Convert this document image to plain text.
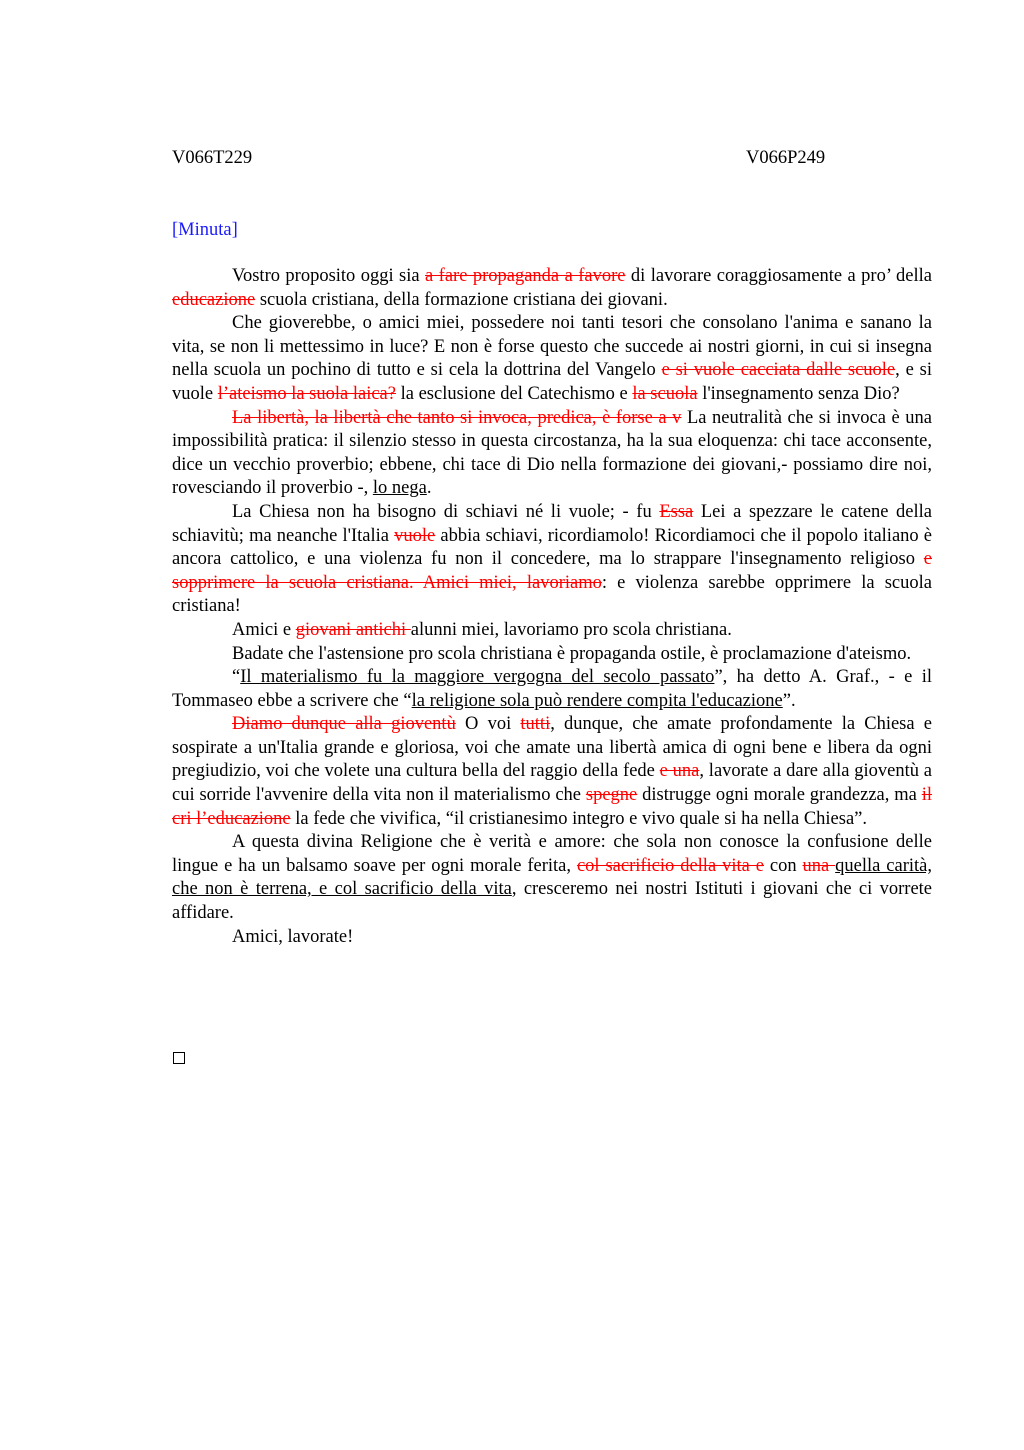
V066T229	V066P249
[Minuta]

Vostro proposito oggi sia a fare propaganda a favore di lavorare coraggiosamente a pro’ della educazione scuola cristiana, della formazione cristiana dei giovani.

Che gioverebbe, o amici miei, possedere noi tanti tesori che consolano l'anima e sanano la vita, se non li mettessimo in luce? E non è forse questo che succede ai nostri giorni, in cui si insegna nella scuola un pochino di tutto e si cela la dottrina del Vangelo e si vuole cacciata dalle scuole, e si vuole l’ateismo la suola laica? la esclusione del Catechismo e la scuola l'insegnamento senza Dio?

La libertà, la libertà che tanto si invoca, predica, è forse a v La neutralità che si invoca è una impossibilità pratica: il silenzio stesso in questa circostanza, ha la sua eloquenza: chi tace acconsente, dice un vecchio proverbio; ebbene, chi tace di Dio nella formazione dei giovani,- possiamo dire noi, rovesciando il proverbio -, lo nega.

La Chiesa non ha bisogno di schiavi né li vuole; - fu Essa Lei a spezzare le catene della schiavitù; ma neanche l'Italia vuole abbia schiavi, ricordiamolo! Ricordiamoci che il popolo italiano è ancora cattolico, e una violenza fu non il concedere, ma lo strappare l'insegnamento religioso e sopprimere la scuola cristiana. Amici miei, lavoriamo: e violenza sarebbe opprimere la scuola cristiana!

Amici e giovani antichi alunni miei, lavoriamo pro scola christiana.

Badate che l'astensione pro scola christiana è propaganda ostile, è proclamazione d'ateismo.

“Il materialismo fu la maggiore vergogna del secolo passato”, ha detto A. Graf., - e il Tommaseo ebbe a scrivere che “la religione sola può rendere compita l'educazione”.

Diamo dunque alla gioventù O voi tutti, dunque, che amate profondamente la Chiesa e sospirate a un'Italia grande e gloriosa, voi che amate una libertà amica di ogni bene e libera da ogni pregiudizio, voi che volete una cultura bella del raggio della fede e una, lavorate a dare alla gioventù a cui sorride l'avvenire della vita non il materialismo che spegne distrugge ogni morale grandezza, ma il cri l’educazione la fede che vivifica, “il cristianesimo integro e vivo quale si ha nella Chiesa”.

A questa divina Religione che è verità e amore: che sola non conosce la confusione delle lingue e ha un balsamo soave per ogni morale ferita, col sacrificio della vita e con una quella carità, che non è terrena, e col sacrificio della vita, cresceremo nei nostri Istituti i giovani che ci vorrete affidare.

Amici, lavorate!
